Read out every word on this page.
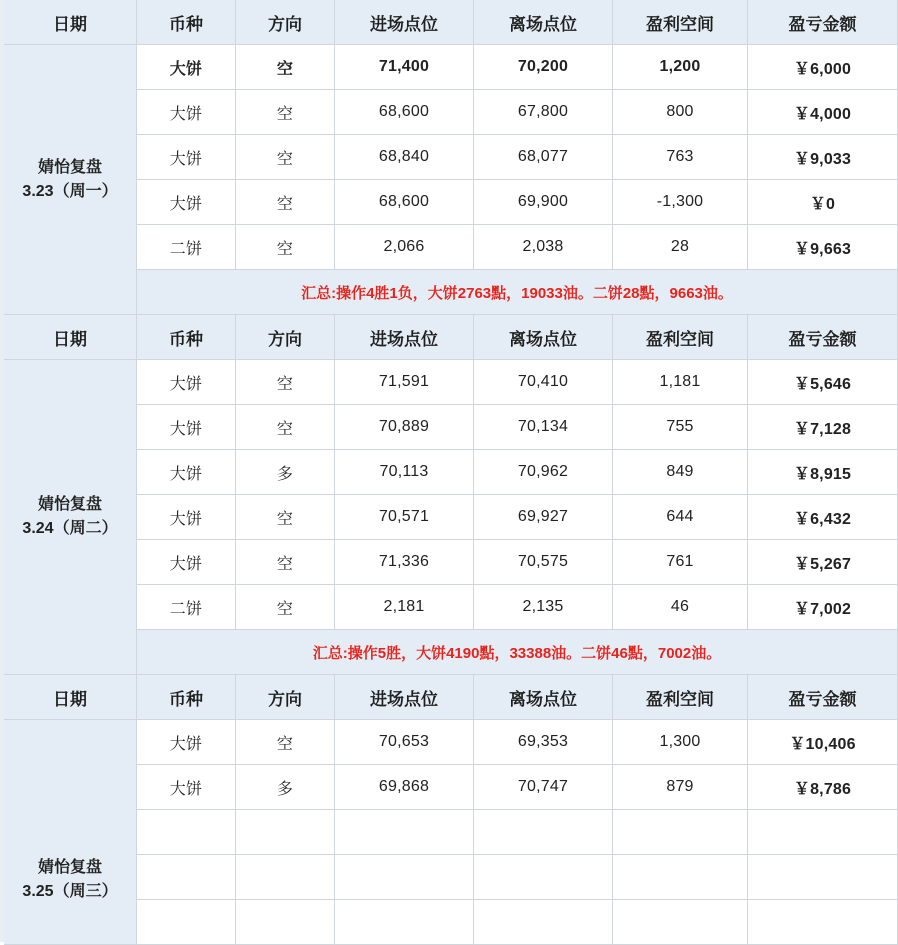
日期	币种	方向	进场点位	离场点位	盈利空间	盈亏金额
婧怡复盘
3.23（周一）
大饼	空	71,400	70,200	1,200	￥6,000
大饼	空	68,600	67,800	800	￥4,000
大饼	空	68,840	68,077	763	￥9,033
大饼	空	68,600	69,900	-1,300	￥0
二饼	空	2,066	2,038	28	￥9,663
汇总:操作4胜1负，大饼2763點，19033油。二饼28點，9663油。
日期	币种	方向	进场点位	离场点位	盈利空间	盈亏金额
婧怡复盘
3.24（周二）
大饼	空	71,591	70,410	1,181	￥5,646
大饼	空	70,889	70,134	755	￥7,128
大饼	多	70,113	70,962	849	￥8,915
大饼	空	70,571	69,927	644	￥6,432
大饼	空	71,336	70,575	761	￥5,267
二饼	空	2,181	2,135	46	￥7,002
汇总:操作5胜，大饼4190點，33388油。二饼46點，7002油。
日期	币种	方向	进场点位	离场点位	盈利空间	盈亏金额
婧怡复盘
3.25（周三）
大饼	空	70,653	69,353	1,300	￥10,406
大饼	多	69,868	70,747	879	￥8,786
